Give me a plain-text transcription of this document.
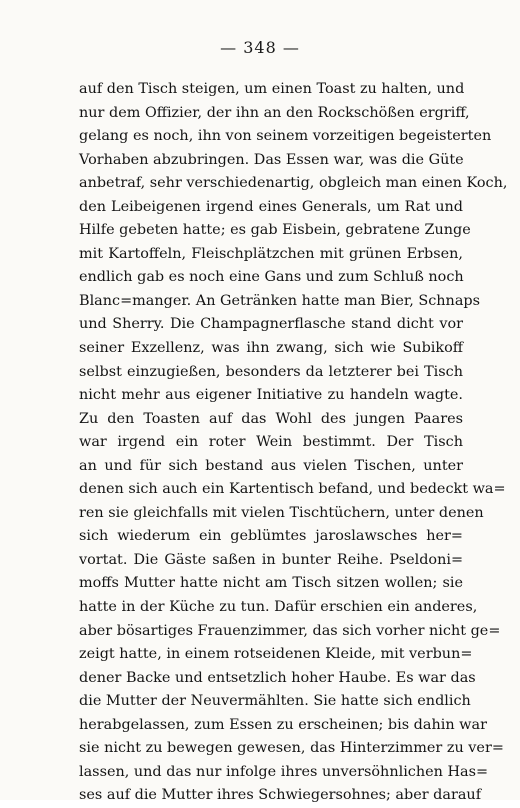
— 348 —
auf den Tisch steigen, um einen Toast zu halten, und
nur dem Offizier, der ihn an den Rockschößen ergriff,
gelang es noch, ihn von seinem vorzeitigen begeisterten
Vorhaben abzubringen. Das Essen war, was die Güte
anbetraf, sehr verschiedenartig, obgleich man einen Koch,
den Leibeigenen irgend eines Generals, um Rat und
Hilfe gebeten hatte; es gab Eisbein, gebratene Zunge
mit Kartoffeln, Fleischplätzchen mit grünen Erbsen,
endlich gab es noch eine Gans und zum Schluß noch
Blanc=manger. An Getränken hatte man Bier, Schnaps
und Sherry. Die Champagnerflasche stand dicht vor
seiner Exzellenz, was ihn zwang, sich wie Subikoff
selbst einzugießen, besonders da letzterer bei Tisch
nicht mehr aus eigener Initiative zu handeln wagte.
Zu den Toasten auf das Wohl des jungen Paares
war irgend ein roter Wein bestimmt. Der Tisch
an und für sich bestand aus vielen Tischen, unter
denen sich auch ein Kartentisch befand, und bedeckt wa=
ren sie gleichfalls mit vielen Tischtüchern, unter denen
sich wiederum ein geblümtes jaroslawsches her=
vortat. Die Gäste saßen in bunter Reihe. Pseldoni=
moffs Mutter hatte nicht am Tisch sitzen wollen; sie
hatte in der Küche zu tun. Dafür erschien ein anderes,
aber bösartiges Frauenzimmer, das sich vorher nicht ge=
zeigt hatte, in einem rotseidenen Kleide, mit verbun=
dener Backe und entsetzlich hoher Haube. Es war das
die Mutter der Neuvermählten. Sie hatte sich endlich
herabgelassen, zum Essen zu erscheinen; bis dahin war
sie nicht zu bewegen gewesen, das Hinterzimmer zu ver=
lassen, und das nur infolge ihres unversöhnlichen Has=
ses auf die Mutter ihres Schwiegersohnes; aber darauf
